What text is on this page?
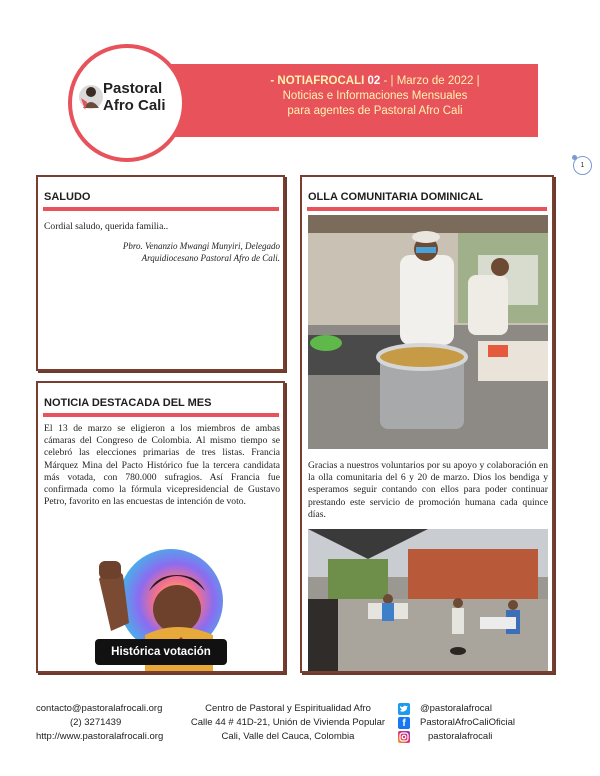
- NOTIAFROCALI 02 - | Marzo de 2022 |
Noticias e Informaciones Mensuales
para agentes de Pastoral Afro Cali
Pastoral
Afro Cali
1
SALUDO
Cordial saludo, querida familia..
Pbro. Venanzio Mwangi Munyiri, Delegado
Arquidiocesano Pastoral Afro de Cali.
NOTICIA DESTACADA DEL MES
El 13 de marzo se eligieron a los miembros de ambas cámaras del Congreso de Colombia. Al mismo tiempo se celebró las elecciones primarias de tres listas. Francia Márquez Mina del Pacto Histórico fue la tercera candidata más votada, con 780.000 sufragios. Así Francia fue confirmada como la fórmula vicepresidencial de Gustavo Petro, favorito en las encuestas de intención de voto.
Histórica votación
OLLA COMUNITARIA DOMINICAL
Gracias a nuestros voluntarios por su apoyo y colaboración en la olla comunitaria del 6 y 20 de marzo. Dios los bendiga y esperamos seguir contando con ellos para poder continuar prestando este servicio de promoción humana cada quince días.
contacto@pastoralafrocali.org
(2) 3271439
http://www.pastoralafrocali.org
Centro de Pastoral y Espiritualidad Afro
Calle 44 # 41D-21, Unión de Vivienda Popular
Cali, Valle del Cauca, Colombia
@pastoralafrocal
f	PastoralAfroCaliOficial
pastoralafrocali
